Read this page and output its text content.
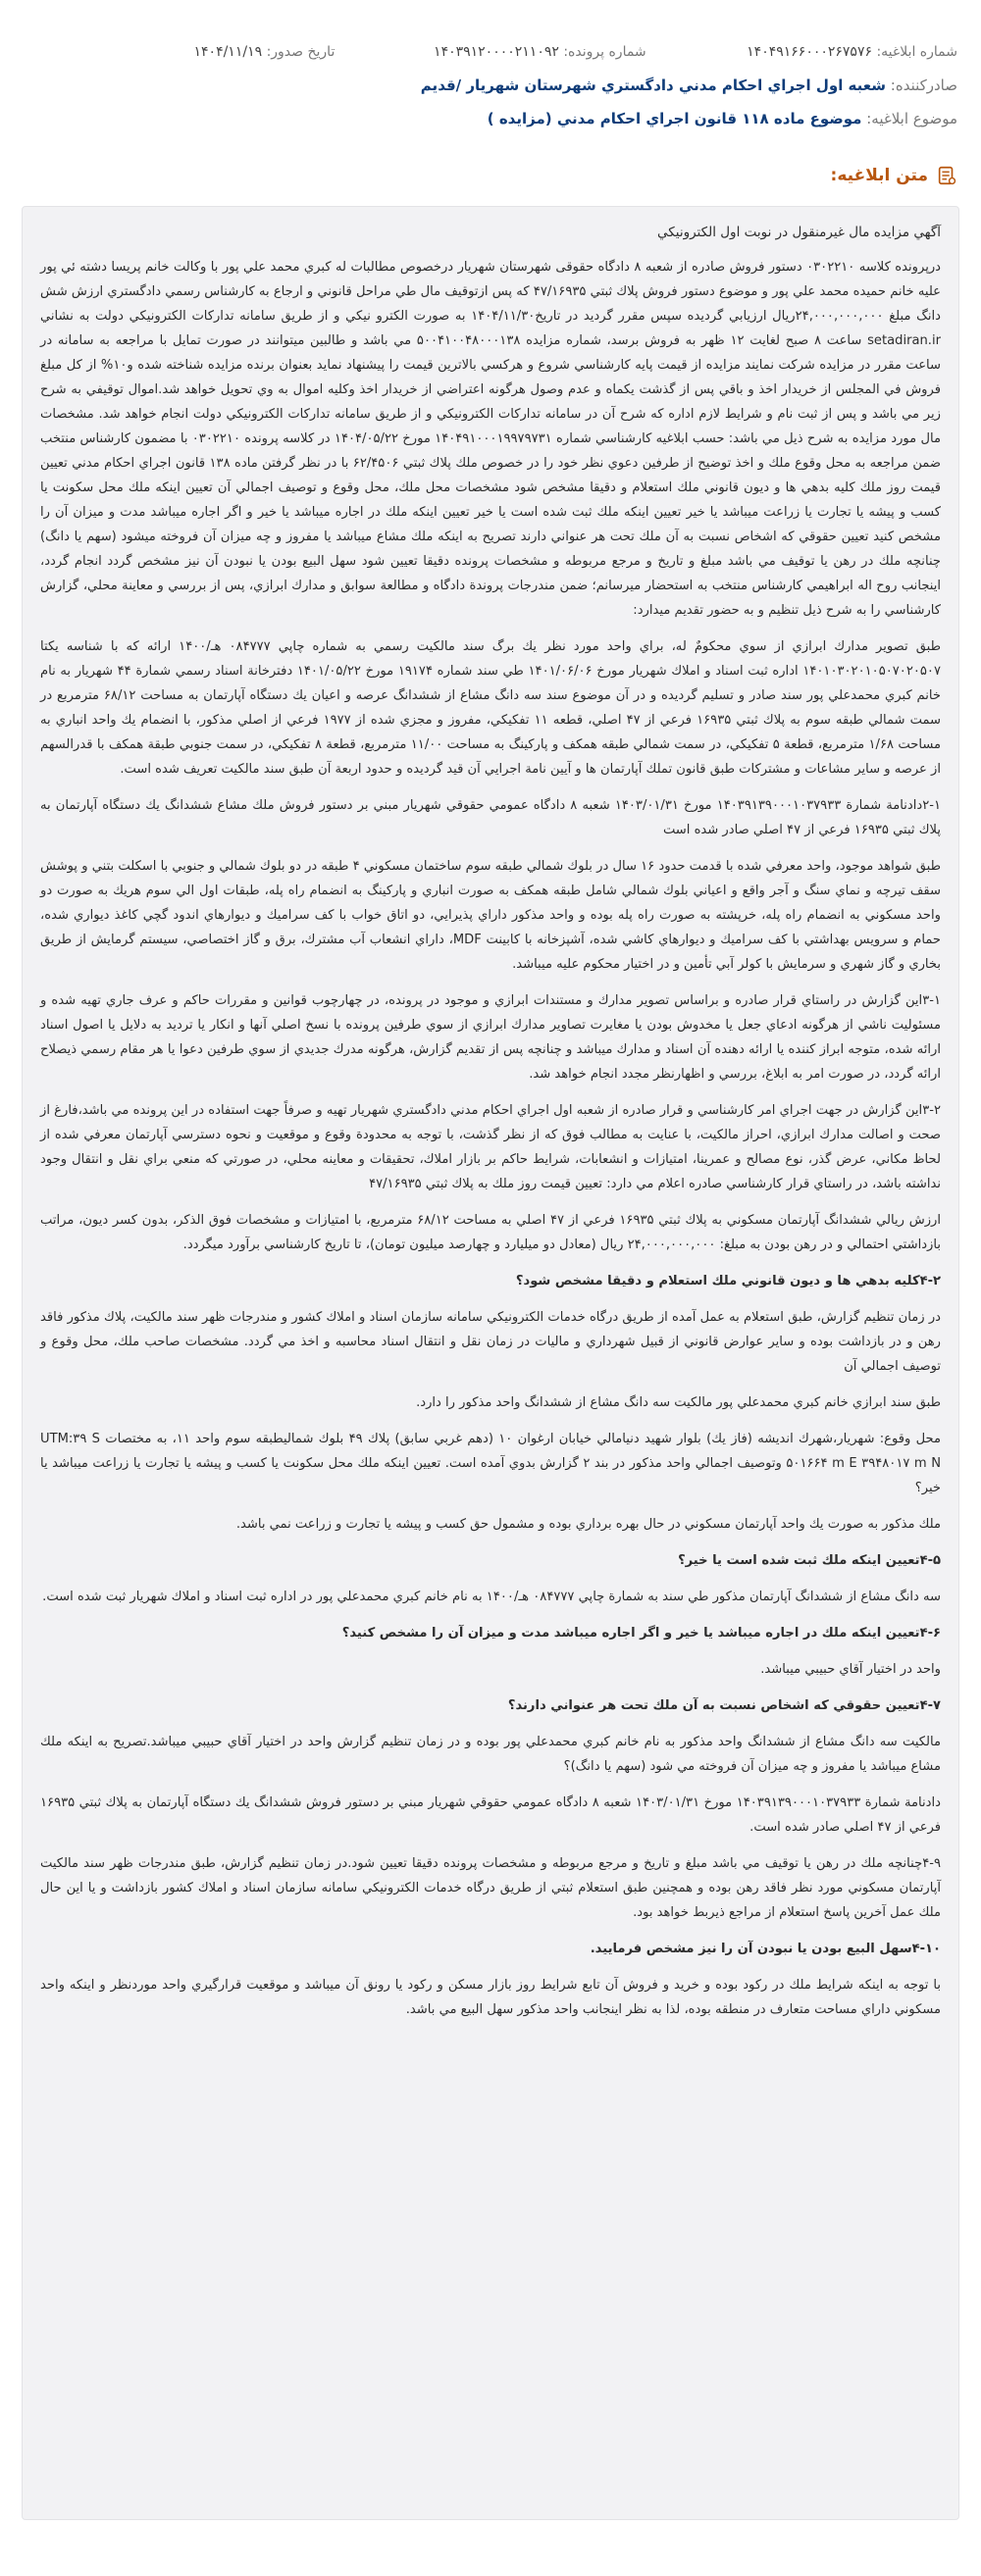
شماره ابلاغیه: ۱۴۰۴۹۱۶۶۰۰۰۲۶۷۵۷۶
شماره پرونده: ۱۴۰۳۹۱۲۰۰۰۰۲۱۱۰۹۲
تاریخ صدور: ۱۴۰۴/۱۱/۱۹
صادرکننده: شعبه اول اجراي احكام مدني دادگستري شهرستان شهريار /قديم
موضوع ابلاغیه: موضوع ماده ١١٨ قانون اجراي احكام مدني (مزايده )
متن ابلاغیه:

آگهي مزايده مال غيرمنقول در نوبت اول الكترونيكي

درپرونده كلاسه ۰۳۰۲۲۱۰ دستور فروش صادره از شعبه ۸ دادگاه حقوقی شهرستان شهریار درخصوص مطالبات له كبري محمد علي پور با وكالت خانم پريسا دشته ئي پور علیه خانم حميده محمد علي پور و موضوع دستور فروش پلاك ثبتي ۴۷/۱۶۹۳۵ كه پس ازتوقيف مال طي مراحل قانوني و ارجاع به كارشناس رسمي دادگستري ارزش شش دانگ مبلغ ۲۴,۰۰۰,۰۰۰,۰۰۰ريال ارزيابي گرديده سپس مقرر گرديد در تاريخ۱۴۰۴/۱۱/۳۰ به صورت الكترو نيكي و از طريق سامانه تداركات الكترونيكي دولت به نشاني setadiran.ir ساعت ۸ صبح لغايت ۱۲ ظهر به فروش برسد، شماره مزايده ۵۰۰۴۱۰۰۴۸۰۰۰۱۳۸ مي باشد و طالبين ميتوانند در صورت تمايل با مراجعه به سامانه در ساعت مقرر در مزايده شركت نمايند مزايده از قيمت پايه كارشناسي شروع و هركسي بالاترين قيمت را پيشنهاد نمايد بعنوان برنده مزايده شناخته شده و۱۰% از كل مبلغ فروش في المجلس از خريدار اخذ و باقي پس از گذشت يكماه و عدم وصول هرگونه اعتراضي از خريدار اخذ وكليه اموال به وي تحويل خواهد شد.اموال توقيفي به شرح زير مي باشد و پس از ثبت نام و شرايط لازم اداره كه شرح آن در سامانه تداركات الكترونيكي و از طريق سامانه تداركات الكترونيكي دولت انجام خواهد شد. مشخصات مال مورد مزايده به شرح ذيل مي باشد: حسب ابلاغيه كارشناسي شماره ۱۴۰۴۹۱۰۰۰۱۹۹۷۹۷۳۱ مورخ ۱۴۰۴/۰۵/۲۲ در كلاسه پرونده ۰۳۰۲۲۱۰ با مضمون كارشناس منتخب ضمن مراجعه به محل وقوع ملك و اخذ توضيح از طرفين دعوي نظر خود را در خصوص ملك پلاك ثبتي ۶۲/۴۵۰۶ با در نظر گرفتن ماده ۱۳۸ قانون اجراي احكام مدني تعيين قيمت روز ملك كليه بدهي ها و ديون قانوني ملك استعلام و دقيقا مشخص شود مشخصات محل ملك، محل وقوع و توصيف اجمالي آن تعيين اينكه ملك محل سكونت يا كسب و پيشه يا تجارت يا زراعت ميباشد يا خير تعيين اينكه ملك ثبت شده است يا خير تعيين اينكه ملك در اجاره ميباشد يا خير و اگر اجاره ميباشد مدت و ميزان آن را مشخص كنيد تعيين حقوقي كه اشخاص نسبت به آن ملك تحت هر عنواني دارند تصريح به اينكه ملك مشاع ميباشد يا مفروز و چه ميزان آن فروخته ميشود (سهم يا دانگ) چنانچه ملك در رهن يا توقيف مي باشد مبلغ و تاريخ و مرجع مربوطه و مشخصات پرونده دقيقا تعيين شود سهل البيع بودن يا نبودن آن نيز مشخص گردد انجام گردد، اينجانب روح اله ابراهيمي كارشناس منتخب به استحضار ميرسانم؛ ضمن مندرجات پروندة دادگاه و مطالعة سوابق و مدارك ابرازي، پس از بررسي و معاينة محلي، گزارش كارشناسي را به شرح ذيل تنظيم و به حضور تقديم ميدارد:

طبق تصوير مدارك ابرازي از سوي محكومٌ له، براي واحد مورد نظر يك برگ سند مالكيت رسمي به شماره چاپي ۰۸۴۷۷۷ هـ/۱۴۰۰ ارائه كه با شناسه يكتا ۱۴۰۱۰۳۰۲۰۱۰۵۰۷۰۲۰۵۰۷ اداره ثبت اسناد و املاك شهريار مورخ ۱۴۰۱/۰۶/۰۶ طي سند شماره ۱۹۱۷۴ مورخ ۱۴۰۱/۰۵/۲۲ دفترخانة اسناد رسمي شمارة ۴۴ شهريار به نام خانم كبري محمدعلي پور سند صادر و تسليم گرديده و در آن موضوع سند سه دانگ مشاع از ششدانگ عرصه و اعيان يك دستگاه آپارتمان به مساحت ۶۸/۱۲ مترمربع در سمت شمالي طبقه سوم به پلاك ثبتي ۱۶۹۳۵ فرعي از ۴۷ اصلي، قطعه ۱۱ تفكيكي، مفروز و مجزي شده از ۱۹۷۷ فرعي از اصلي مذكور، با انضمام يك واحد انباري به مساحت ۱/۶۸ مترمربع، قطعة ۵ تفكيكي، در سمت شمالي طبقه همكف و پاركينگ به مساحت ۱۱/۰۰ مترمربع، قطعة ۸ تفكيكي، در سمت جنوبي طبقة همكف با قدرالسهم از عرصه و ساير مشاعات و مشتركات طبق قانون تملك آپارتمان ها و آيين نامة اجرايي آن قيد گرديده و حدود اربعة آن طبق سند مالكيت تعريف شده است.

۲-۱دادنامة شمارة ۱۴۰۳۹۱۳۹۰۰۰۱۰۳۷۹۳۳ مورخ ۱۴۰۳/۰۱/۳۱ شعبه ۸ دادگاه عمومي حقوقي شهريار مبني بر دستور فروش ملك مشاع ششدانگ يك دستگاه آپارتمان به پلاك ثبتي ۱۶۹۳۵ فرعي از ۴۷ اصلي صادر شده است

طبق شواهد موجود، واحد معرفي شده با قدمت حدود ۱۶ سال در بلوك شمالي طبقه سوم ساختمان مسكوني ۴ طبقه در دو بلوك شمالي و جنوبي با اسكلت بتني و پوشش سقف تيرچه و نماي سنگ و آجر واقع و اعياني بلوك شمالي شامل طبقه همكف به صورت انباري و پاركينگ به انضمام راه پله، طبقات اول الي سوم هريك به صورت دو واحد مسكوني به انضمام راه پله، خرپشته به صورت راه پله بوده و واحد مذكور داراي پذيرايي، دو اتاق خواب با كف سراميك و ديوارهاي اندود گچي كاغذ ديواري شده، حمام و سرويس بهداشتي با كف سراميك و ديوارهاي كاشي شده، آشپزخانه با كابينت MDF، داراي انشعاب آب مشترك، برق و گاز اختصاصي، سيستم گرمايش از طريق بخاري و گاز شهري و سرمايش با كولر آبي تأمين و در اختيار محكوم عليه ميباشد.

۳-۱اين گزارش در راستاي قرار صادره و براساس تصوير مدارك و مستندات ابرازي و موجود در پرونده، در چهارچوب قوانين و مقررات حاكم و عرف جاري تهيه شده و مسئوليت ناشي از هرگونه ادعاي جعل يا مخدوش بودن يا مغايرت تصاوير مدارك ابرازي از سوي طرفين پرونده با نسخ اصلي آنها و انكار يا ترديد به دلايل يا اصول اسناد ارائه شده، متوجه ابراز كننده يا ارائه دهنده آن اسناد و مدارك ميباشد و چنانچه پس از تقديم گزارش، هرگونه مدرك جديدي از سوي طرفين دعوا يا هر مقام رسمي ذيصلاح ارائه گردد، در صورت امر به ابلاغ، بررسي و اظهارنظر مجدد انجام خواهد شد.

۳-۲اين گزارش در جهت اجراي امر كارشناسي و قرار صادره از شعبه اول اجراي احكام مدني دادگستري شهريار تهيه و صرفاً جهت استفاده در اين پرونده مي باشد،فارغ از صحت و اصالت مدارك ابرازي، احراز مالكيت، با عنايت به مطالب فوق كه از نظر گذشت، با توجه به محدودة وقوع و موقعيت و نحوه دسترسي آپارتمان معرفي شده از لحاظ مكاني، عرض گذر، نوع مصالح و عمرينا، امتيازات و انشعابات، شرايط حاكم بر بازار املاك، تحقيقات و معاينه محلي، در صورتي كه منعي براي نقل و انتقال وجود نداشته باشد، در راستاي قرار كارشناسي صادره اعلام مي دارد: تعيين قيمت روز ملك به پلاك ثبتي ۴۷/۱۶۹۳۵

ارزش ريالي ششدانگ آپارتمان مسكوني به پلاك ثبتي ۱۶۹۳۵ فرعي از ۴۷ اصلي به مساحت ۶۸/۱۲ مترمربع، با امتيازات و مشخصات فوق الذكر، بدون كسر ديون، مراتب بازداشتي احتمالي و در رهن بودن به مبلغ: ۲۴,۰۰۰,۰۰۰,۰۰۰ ريال (معادل دو ميليارد و چهارصد ميليون تومان)، تا تاريخ كارشناسي برآورد ميگردد.

۴-۲كليه بدهي ها و ديون قانوني ملك استعلام و دقيقا مشخص شود؟

در زمان تنظيم گزارش، طبق استعلام به عمل آمده از طريق درگاه خدمات الكترونيكي سامانه سازمان اسناد و املاك كشور و مندرجات ظهر سند مالكيت، پلاك مذكور فاقد رهن و در بازداشت بوده و ساير عوارض قانوني از قبيل شهرداري و ماليات در زمان نقل و انتقال اسناد محاسبه و اخذ مي گردد. مشخصات صاحب ملك، محل وقوع و توصيف اجمالي آن

طبق سند ابرازي خانم كبري محمدعلي پور مالكيت سه دانگ مشاع از ششدانگ واحد مذكور را دارد.

محل وقوع: شهريار،شهرك انديشه (فاز يك) بلوار شهيد دنيامالي خيابان ارغوان ۱۰ (دهم غربي سابق) پلاك ۴۹ بلوك شماليطبقه سوم واحد ۱۱، به مختصات UTM:۳۹ S ۵۰۱۶۶۴ m E ۳۹۴۸۰۱۷ m N وتوصيف اجمالي واحد مذكور در بند ۲ گزارش بدوي آمده است. تعيين اينكه ملك محل سكونت يا كسب و پيشه يا تجارت يا زراعت ميباشد يا خير؟

ملك مذكور به صورت يك واحد آپارتمان مسكوني در حال بهره برداري بوده و مشمول حق كسب و پيشه يا تجارت و زراعت نمي باشد.

۴-۵تعيين اينكه ملك ثبت شده است يا خير؟

سه دانگ مشاع از ششدانگ آپارتمان مذكور طي سند به شمارة چاپي ۰۸۴۷۷۷ هـ/۱۴۰۰ به نام خانم كبري محمدعلي پور در اداره ثبت اسناد و املاك شهريار ثبت شده است.

۴-۶تعيين اينكه ملك در اجاره ميباشد يا خير و اگر اجاره ميباشد مدت و ميزان آن را مشخص كنيد؟

واحد در اختيار آقاي حبيبي ميباشد.

۴-۷تعيين حقوقي كه اشخاص نسبت به آن ملك تحت هر عنواني دارند؟

مالكيت سه دانگ مشاع از ششدانگ واحد مذكور به نام خانم كبري محمدعلي پور بوده و در زمان تنظيم گزارش واحد در اختيار آقاي حبيبي ميباشد.تصريح به اينكه ملك مشاع ميباشد يا مفروز و چه ميزان آن فروخته مي شود (سهم يا دانگ)؟

دادنامة شمارة ۱۴۰۳۹۱۳۹۰۰۰۱۰۳۷۹۳۳ مورخ ۱۴۰۳/۰۱/۳۱ شعبه ۸ دادگاه عمومي حقوقي شهريار مبني بر دستور فروش ششدانگ يك دستگاه آپارتمان به پلاك ثبتي ۱۶۹۳۵ فرعي از ۴۷ اصلي صادر شده است.

۴-۹چنانچه ملك در رهن يا توقيف مي باشد مبلغ و تاريخ و مرجع مربوطه و مشخصات پرونده دقيقا تعيين شود.در زمان تنظيم گزارش، طبق مندرجات ظهر سند مالكيت آپارتمان مسكوني مورد نظر فاقد رهن بوده و همچنين طبق استعلام ثبتي از طريق درگاه خدمات الكترونيكي سامانه سازمان اسناد و املاك كشور بازداشت و يا اين حال ملك عمل آخرين پاسخ استعلام از مراجع ذيربط خواهد بود.

۴-۱۰سهل البيع بودن يا نبودن آن را نيز مشخص فرماييد.

با توجه به اينكه شرايط ملك در ركود بوده و خريد و فروش آن تابع شرايط روز بازار مسكن و ركود يا رونق آن ميباشد و موقعيت قرارگيري واحد موردنظر و اينكه واحد مسكوني داراي مساحت متعارف در منطقه بوده، لذا به نظر اينجانب واحد مذكور سهل البيع مي باشد.
